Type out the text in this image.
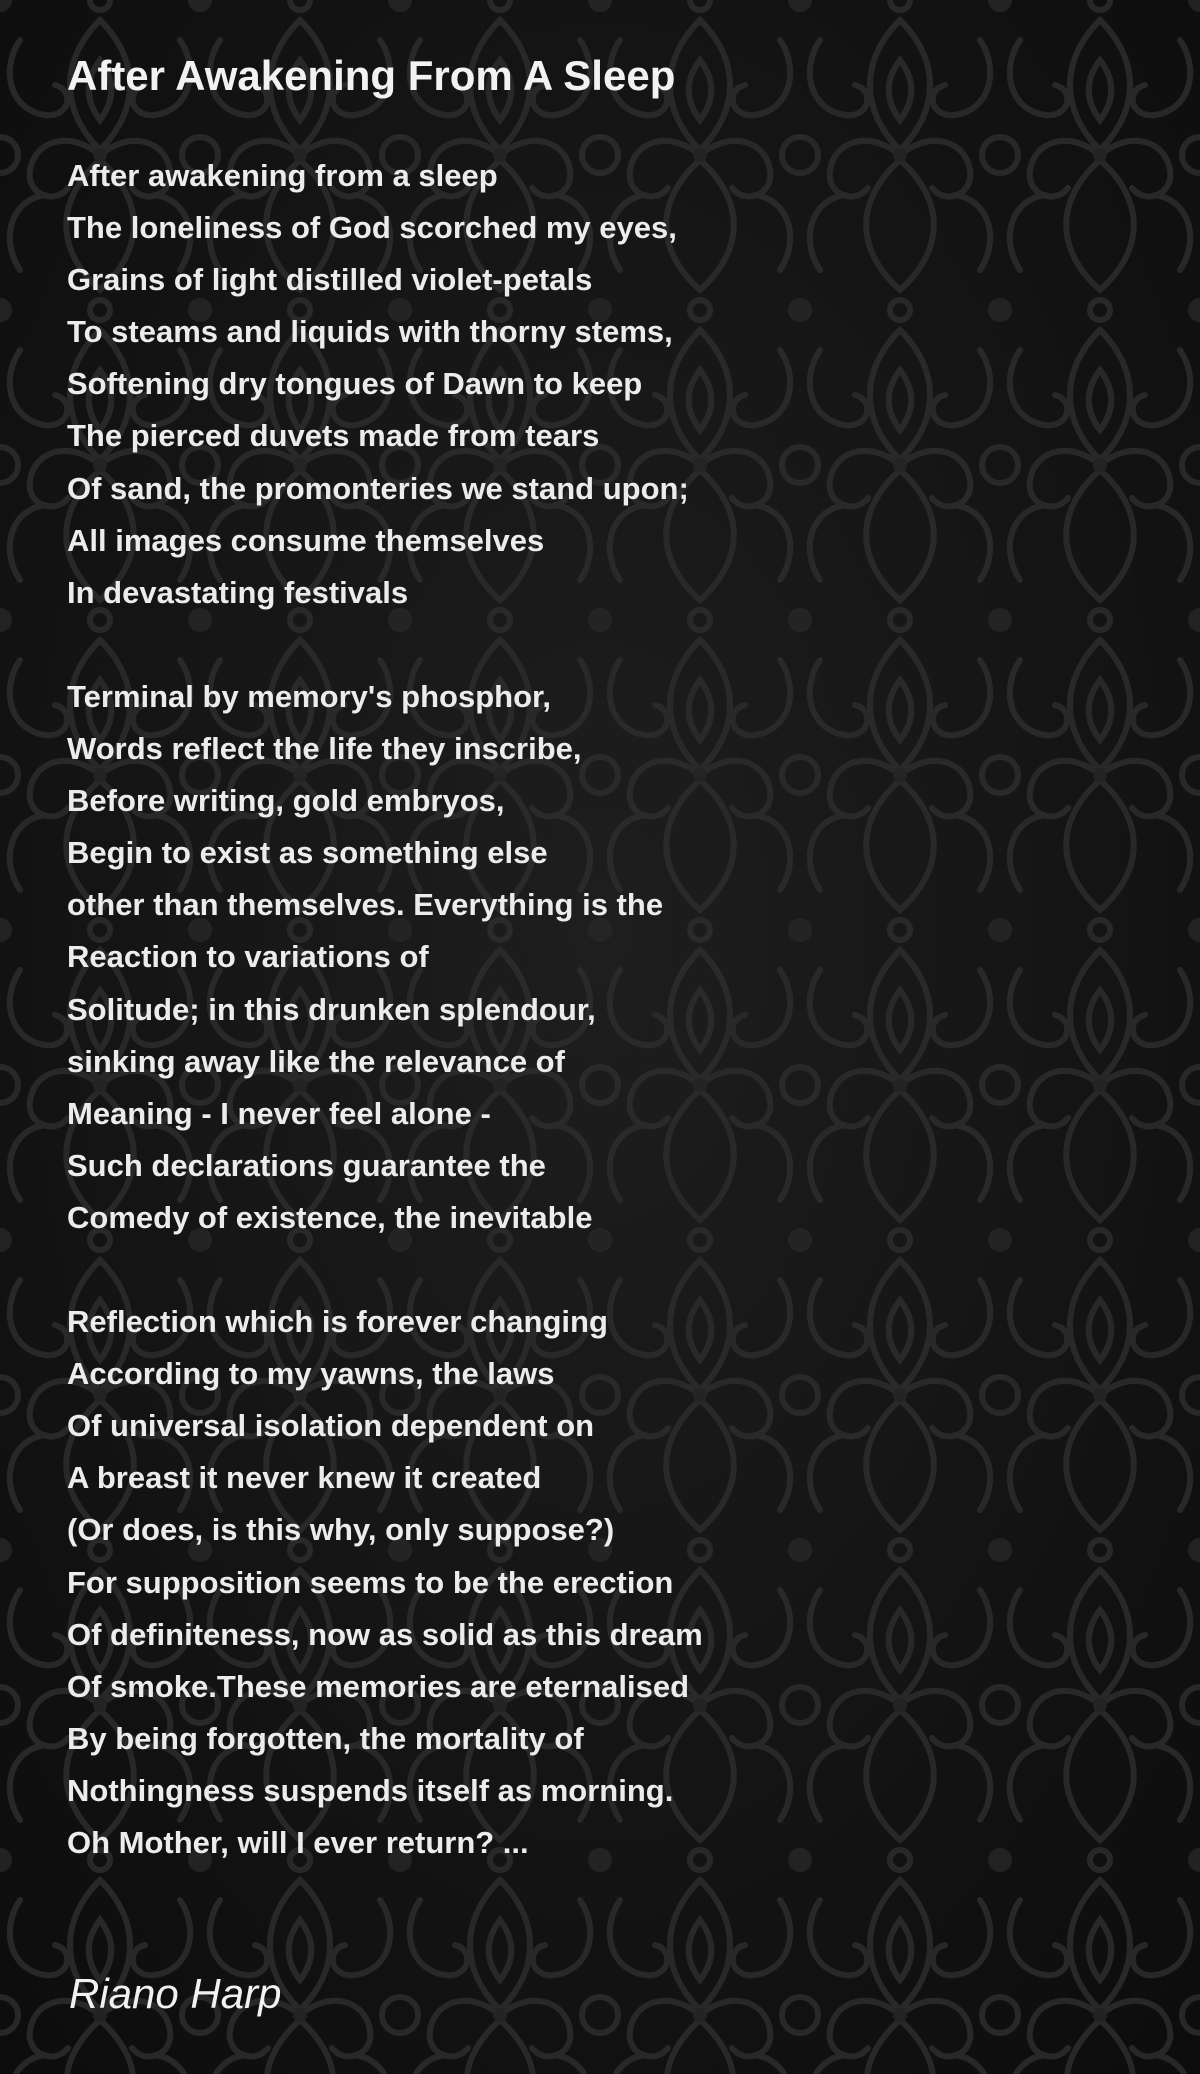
After Awakening From A Sleep
After awakening from a sleep
The loneliness of God scorched my eyes,
Grains of light distilled violet-petals
To steams and liquids with thorny stems,
Softening dry tongues of Dawn to keep
The pierced duvets made from tears
Of sand, the promonteries we stand upon;
All images consume themselves
In devastating festivals
Terminal by memory's phosphor,
Words reflect the life they inscribe,
Before writing, gold embryos,
Begin to exist as something else
other than themselves. Everything is the
Reaction to variations of
Solitude; in this drunken splendour,
sinking away like the relevance of
Meaning - I never feel alone -
Such declarations guarantee the
Comedy of existence, the inevitable
Reflection which is forever changing
According to my yawns, the laws
Of universal isolation dependent on
A breast it never knew it created
(Or does, is this why, only suppose?)
For supposition seems to be the erection
Of definiteness, now as solid as this dream
Of smoke.These memories are eternalised
By being forgotten, the mortality of
Nothingness suspends itself as morning.
Oh Mother, will I ever return? ...

Riano Harp
